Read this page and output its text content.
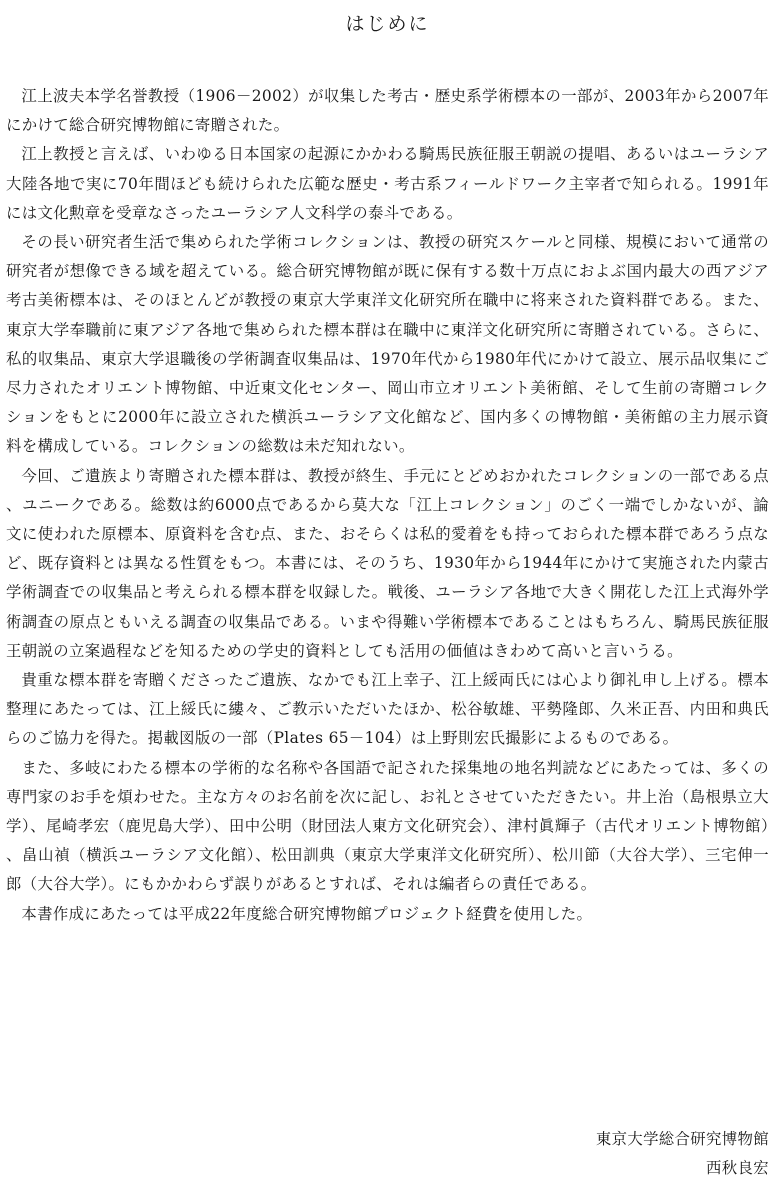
はじめに

江上波夫本学名誉教授（1906－2002）が収集した考古・歴史系学術標本の一部が、2003年から2007年にかけて総合研究博物館に寄贈された。

江上教授と言えば、いわゆる日本国家の起源にかかわる騎馬民族征服王朝説の提唱、あるいはユーラシア大陸各地で実に70年間ほども続けられた広範な歴史・考古系フィールドワーク主宰者で知られる。1991年には文化勲章を受章なさったユーラシア人文科学の泰斗である。

その長い研究者生活で集められた学術コレクションは、教授の研究スケールと同様、規模において通常の研究者が想像できる域を超えている。総合研究博物館が既に保有する数十万点におよぶ国内最大の西アジア考古美術標本は、そのほとんどが教授の東京大学東洋文化研究所在職中に将来された資料群である。また、東京大学奉職前に東アジア各地で集められた標本群は在職中に東洋文化研究所に寄贈されている。さらに、私的収集品、東京大学退職後の学術調査収集品は、1970年代から1980年代にかけて設立、展示品収集にご尽力されたオリエント博物館、中近東文化センター、岡山市立オリエント美術館、そして生前の寄贈コレクションをもとに2000年に設立された横浜ユーラシア文化館など、国内多くの博物館・美術館の主力展示資料を構成している。コレクションの総数は未だ知れない。

今回、ご遺族より寄贈された標本群は、教授が終生、手元にとどめおかれたコレクションの一部である点、ユニークである。総数は約6000点であるから莫大な「江上コレクション」のごく一端でしかないが、論文に使われた原標本、原資料を含む点、また、おそらくは私的愛着をも持っておられた標本群であろう点など、既存資料とは異なる性質をもつ。本書には、そのうち、1930年から1944年にかけて実施された内蒙古学術調査での収集品と考えられる標本群を収録した。戦後、ユーラシア各地で大きく開花した江上式海外学術調査の原点ともいえる調査の収集品である。いまや得難い学術標本であることはもちろん、騎馬民族征服王朝説の立案過程などを知るための学史的資料としても活用の価値はきわめて高いと言いうる。

貴重な標本群を寄贈くださったご遺族、なかでも江上幸子、江上綏両氏には心より御礼申し上げる。標本整理にあたっては、江上綏氏に縷々、ご教示いただいたほか、松谷敏雄、平勢隆郎、久米正吾、内田和典氏らのご協力を得た。掲載図版の一部（Plates 65－104）は上野則宏氏撮影によるものである。

また、多岐にわたる標本の学術的な名称や各国語で記された採集地の地名判読などにあたっては、多くの専門家のお手を煩わせた。主な方々のお名前を次に記し、お礼とさせていただきたい。井上治（島根県立大学）、尾崎孝宏（鹿児島大学）、田中公明（財団法人東方文化研究会）、津村眞輝子（古代オリエント博物館）、畠山禎（横浜ユーラシア文化館）、松田訓典（東京大学東洋文化研究所）、松川節（大谷大学）、三宅伸一郎（大谷大学）。にもかかわらず誤りがあるとすれば、それは編者らの責任である。

本書作成にあたっては平成22年度総合研究博物館プロジェクト経費を使用した。

東京大学総合研究博物館
西秋良宏
